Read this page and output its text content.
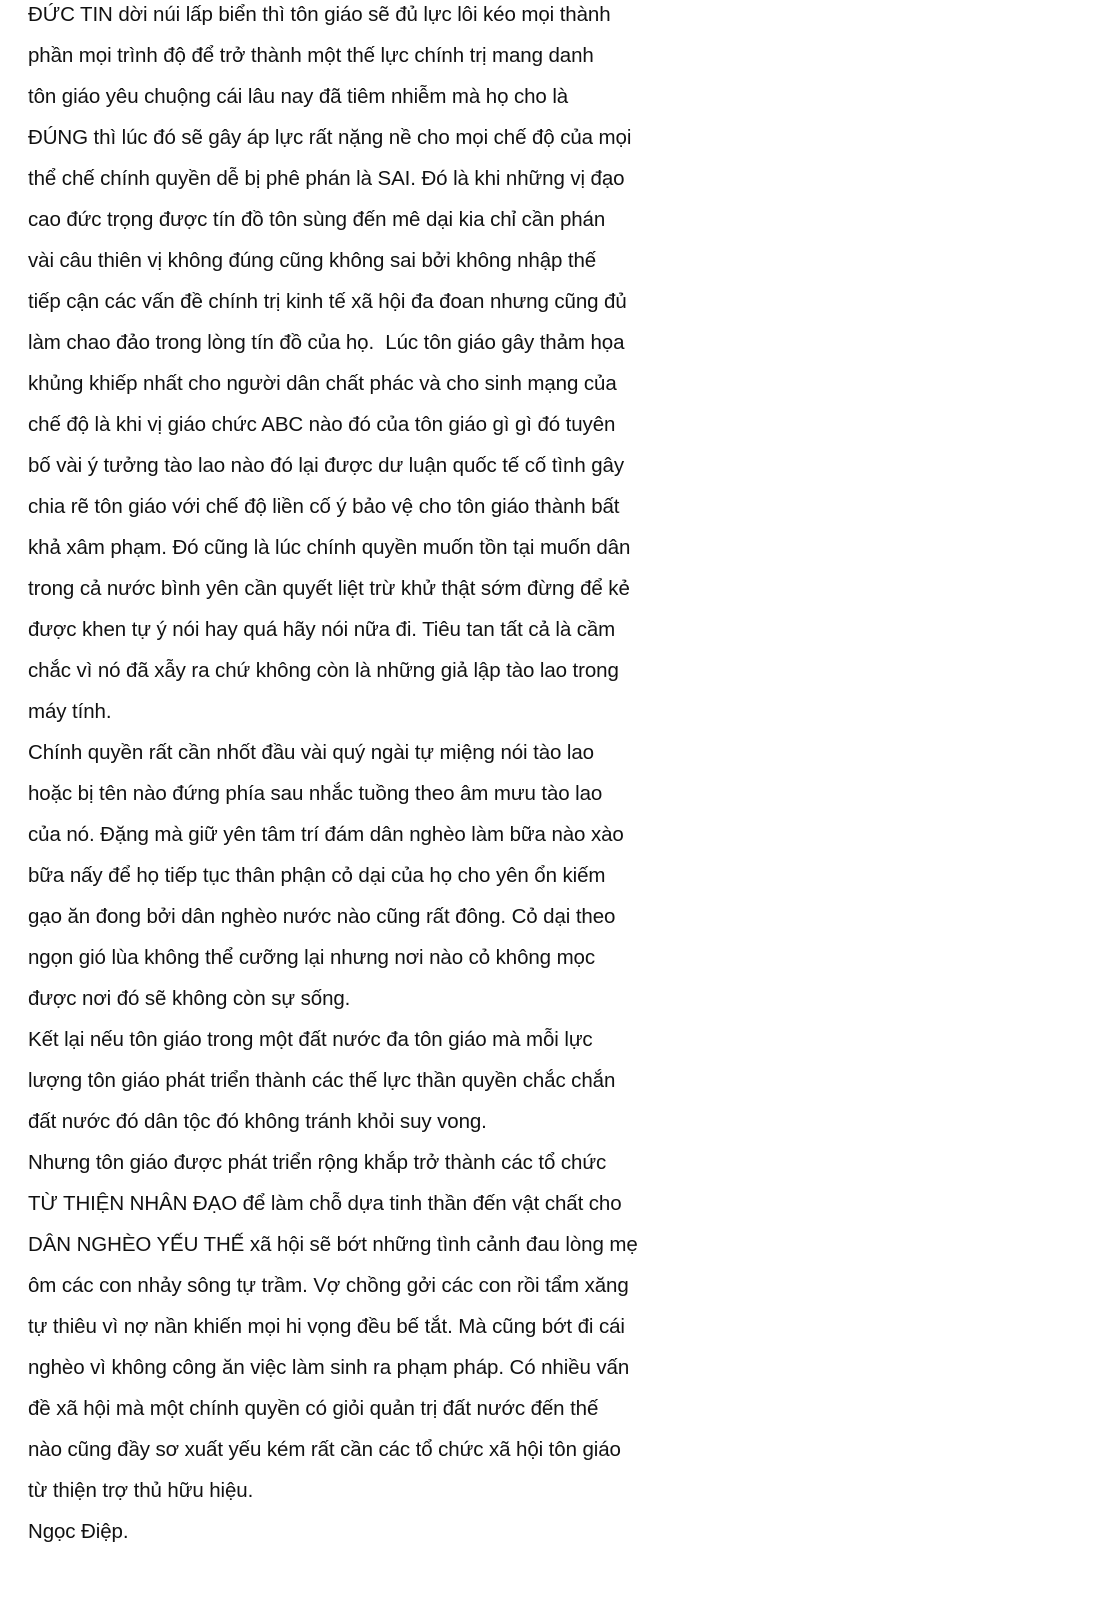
ĐỨC TIN dời núi lấp biển thì tôn giáo sẽ đủ lực lôi kéo mọi thành
phần mọi trình độ để trở thành một thế lực chính trị mang danh
tôn giáo yêu chuộng cái lâu nay đã tiêm nhiễm mà họ cho là
ĐÚNG thì lúc đó sẽ gây áp lực rất nặng nề cho mọi chế độ của mọi
thể chế chính quyền dễ bị phê phán là SAI. Đó là khi những vị đạo
cao đức trọng được tín đồ tôn sùng đến mê dại kia chỉ cần phán
vài câu thiên vị không đúng cũng không sai bởi không nhập thế
tiếp cận các vấn đề chính trị kinh tế xã hội đa đoan nhưng cũng đủ
làm chao đảo trong lòng tín đồ của họ.  Lúc tôn giáo gây thảm họa
khủng khiếp nhất cho người dân chất phác và cho sinh mạng của
chế độ là khi vị giáo chức ABC nào đó của tôn giáo gì gì đó tuyên
bố vài ý tưởng tào lao nào đó lại được dư luận quốc tế cố tình gây
chia rẽ tôn giáo với chế độ liền cố ý bảo vệ cho tôn giáo thành bất
khả xâm phạm. Đó cũng là lúc chính quyền muốn tồn tại muốn dân
trong cả nước bình yên cần quyết liệt trừ khử thật sớm đừng để kẻ
được khen tự ý nói hay quá hãy nói nữa đi. Tiêu tan tất cả là cầm
chắc vì nó đã xẫy ra chứ không còn là những giả lập tào lao trong
máy tính.
Chính quyền rất cần nhốt đầu vài quý ngài tự miệng nói tào lao
hoặc bị tên nào đứng phía sau nhắc tuồng theo âm mưu tào lao
của nó. Đặng mà giữ yên tâm trí đám dân nghèo làm bữa nào xào
bữa nấy để họ tiếp tục thân phận cỏ dại của họ cho yên ổn kiếm
gạo ăn đong bởi dân nghèo nước nào cũng rất đông. Cỏ dại theo
ngọn gió lùa không thể cưỡng lại nhưng nơi nào cỏ không mọc
được nơi đó sẽ không còn sự sống.
Kết lại nếu tôn giáo trong một đất nước đa tôn giáo mà mỗi lực
lượng tôn giáo phát triển thành các thế lực thần quyền chắc chắn
đất nước đó dân tộc đó không tránh khỏi suy vong.
Nhưng tôn giáo được phát triển rộng khắp trở thành các tổ chức
TỪ THIỆN NHÂN ĐẠO để làm chỗ dựa tinh thần đến vật chất cho
DÂN NGHÈO YẾU THẾ xã hội sẽ bớt những tình cảnh đau lòng mẹ
ôm các con nhảy sông tự trầm. Vợ chồng gởi các con rồi tẩm xăng
tự thiêu vì nợ nần khiến mọi hi vọng đều bế tắt. Mà cũng bớt đi cái
nghèo vì không công ăn việc làm sinh ra phạm pháp. Có nhiều vấn
đề xã hội mà một chính quyền có giỏi quản trị đất nước đến thế
nào cũng đầy sơ xuất yếu kém rất cần các tổ chức xã hội tôn giáo
từ thiện trợ thủ hữu hiệu.
Ngọc Điệp.
